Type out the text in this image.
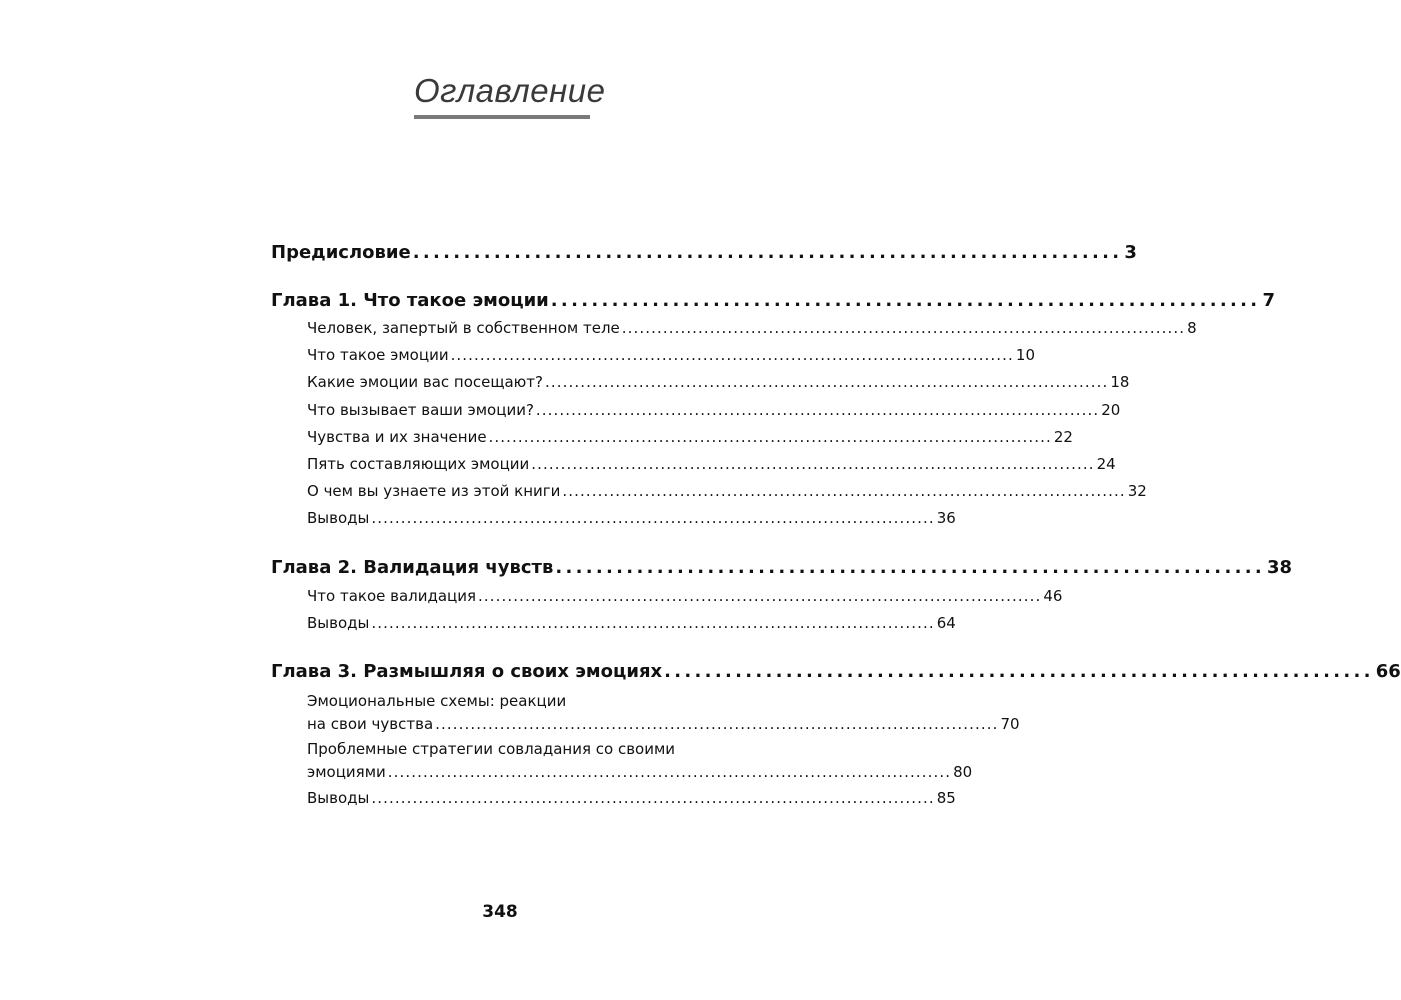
Оглавление
Предисловие ...................................................................... 3
Глава 1. Что такое эмоции ...................................................................... 7
Человек, запертый в собственном теле ................................................................................................ 8
Что такое эмоции ................................................................................................ 10
Какие эмоции вас посещают? ................................................................................................ 18
Что вызывает ваши эмоции? ................................................................................................ 20
Чувства и их значение ................................................................................................ 22
Пять составляющих эмоции ................................................................................................ 24
О чем вы узнаете из этой книги ................................................................................................ 32
Выводы ................................................................................................ 36
Глава 2. Валидация чувств ...................................................................... 38
Что такое валидация ................................................................................................ 46
Выводы ................................................................................................ 64
Глава 3. Размышляя о своих эмоциях ...................................................................... 66
Эмоциональные схемы: реакции
на свои чувства ................................................................................................ 70
Проблемные стратегии совладания со своими
эмоциями ................................................................................................ 80
Выводы ................................................................................................ 85
348
